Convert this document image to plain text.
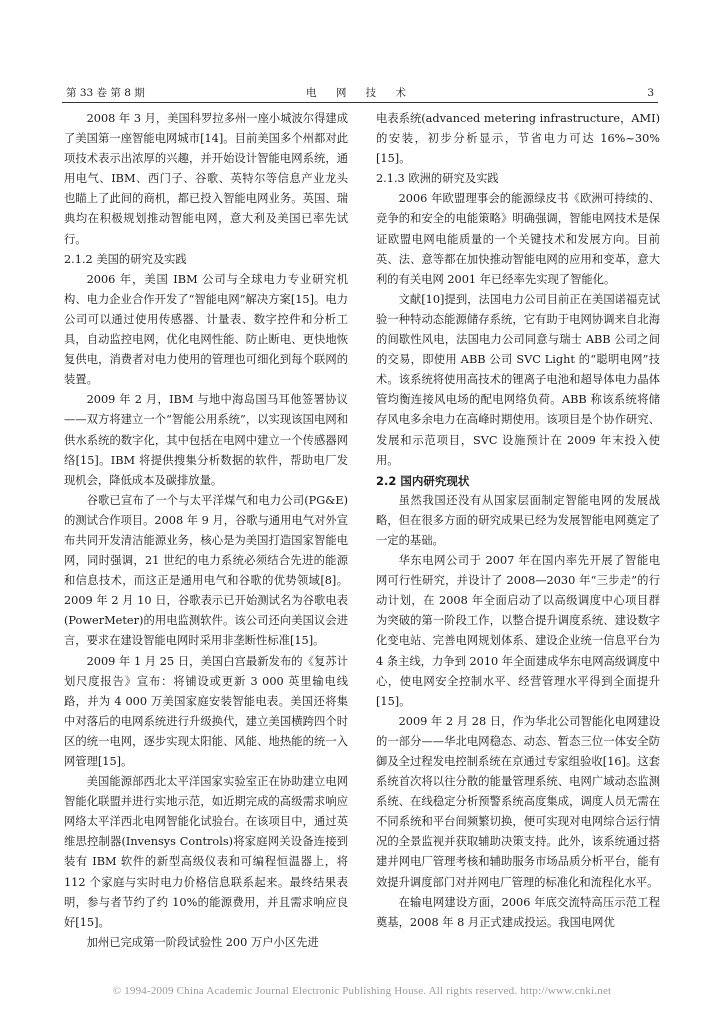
第 33 卷 第 8 期	电 网 技 术	3

2008 年 3 月，美国科罗拉多州一座小城波尔得建成了美国第一座智能电网城市[14]。目前美国多个州都对此项技术表示出浓厚的兴趣，并开始设计智能电网系统，通用电气、IBM、西门子、谷歌、英特尔等信息产业龙头也瞄上了此间的商机，都已投入智能电网业务。英国、瑞典均在积极规划推动智能电网，意大利及美国已率先试行。

2.1.2 美国的研究及实践

2006 年，美国 IBM 公司与全球电力专业研究机构、电力企业合作开发了“智能电网”解决方案[15]。电力公司可以通过使用传感器、计量表、数字控件和分析工具，自动监控电网，优化电网性能、防止断电、更快地恢复供电，消费者对电力使用的管理也可细化到每个联网的装置。

2009 年 2 月，IBM 与地中海岛国马耳他签署协议——双方将建立一个“智能公用系统”，以实现该国电网和供水系统的数字化，其中包括在电网中建立一个传感器网络[15]。IBM 将提供搜集分析数据的软件，帮助电厂发现机会，降低成本及碳排放量。

谷歌已宣布了一个与太平洋煤气和电力公司(PG&E)的测试合作项目。2008 年 9 月，谷歌与通用电气对外宣布共同开发清洁能源业务，核心是为美国打造国家智能电网，同时强调，21 世纪的电力系统必须结合先进的能源和信息技术，而这正是通用电气和谷歌的优势领域[8]。2009 年 2 月 10 日，谷歌表示已开始测试名为谷歌电表(PowerMeter)的用电监测软件。该公司还向美国议会进言，要求在建设智能电网时采用非垄断性标准[15]。

2009 年 1 月 25 日，美国白宫最新发布的《复苏计划尺度报告》宣布：将铺设或更新 3 000 英里输电线路，并为 4 000 万美国家庭安装智能电表。美国还将集中对落后的电网系统进行升级换代，建立美国横跨四个时区的统一电网，逐步实现太阳能、风能、地热能的统一入网管理[15]。

美国能源部西北太平洋国家实验室正在协助建立电网智能化联盟并进行实地示范，如近期完成的高级需求响应网络太平洋西北电网智能化试验台。在该项目中，通过英维思控制器(Invensys Controls)将家庭网关设备连接到装有 IBM 软件的新型高级仪表和可编程恒温器上，将 112 个家庭与实时电力价格信息联系起来。最终结果表明，参与者节约了约 10%的能源费用，并且需求响应良好[15]。

加州已完成第一阶段试验性 200 万户小区先进

电表系统(advanced metering infrastructure，AMI)的安装，初步分析显示，节省电力可达 16%~30%[15]。

2.1.3 欧洲的研究及实践

2006 年欧盟理事会的能源绿皮书《欧洲可持续的、竞争的和安全的电能策略》明确强调，智能电网技术是保证欧盟电网电能质量的一个关键技术和发展方向。目前英、法、意等都在加快推动智能电网的应用和变革，意大利的有关电网 2001 年已经率先实现了智能化。

文献[10]提到，法国电力公司目前正在美国诺福克试验一种特动态能源储存系统，它有助于电网协调来自北海的间歇性风电，法国电力公司同意与瑞士 ABB 公司之间的交易，即使用 ABB 公司 SVC Light 的“聪明电网”技术。该系统将使用高技术的锂离子电池和超导体电力晶体管均衡连接风电场的配电网络负荷。ABB 称该系统将储存风电多余电力在高峰时期使用。该项目是个协作研究、发展和示范项目，SVC 设施预计在 2009 年末投入使用。

2.2 国内研究现状

虽然我国还没有从国家层面制定智能电网的发展战略，但在很多方面的研究成果已经为发展智能电网奠定了一定的基础。

华东电网公司于 2007 年在国内率先开展了智能电网可行性研究，并设计了 2008—2030 年“三步走”的行动计划，在 2008 年全面启动了以高级调度中心项目群为突破的第一阶段工作，以整合提升调度系统、建设数字化变电站、完善电网规划体系、建设企业统一信息平台为 4 条主线，力争到 2010 年全面建成华东电网高级调度中心，使电网安全控制水平、经营管理水平得到全面提升[15]。

2009 年 2 月 28 日，作为华北公司智能化电网建设的一部分——华北电网稳态、动态、暂态三位一体安全防御及全过程发电控制系统在京通过专家组验收[16]。这套系统首次将以往分散的能量管理系统、电网广域动态监测系统、在线稳定分析预警系统高度集成，调度人员无需在不同系统和平台间频繁切换，便可实现对电网综合运行情况的全景监视并获取辅助决策支持。此外，该系统通过搭建并网电厂管理考核和辅助服务市场品质分析平台，能有效提升调度部门对并网电厂管理的标准化和流程化水平。

在输电网建设方面，2006 年底交流特高压示范工程奠基，2008 年 8 月正式建成投运。我国电网优

© 1994-2009 China Academic Journal Electronic Publishing House. All rights reserved. http://www.cnki.net
